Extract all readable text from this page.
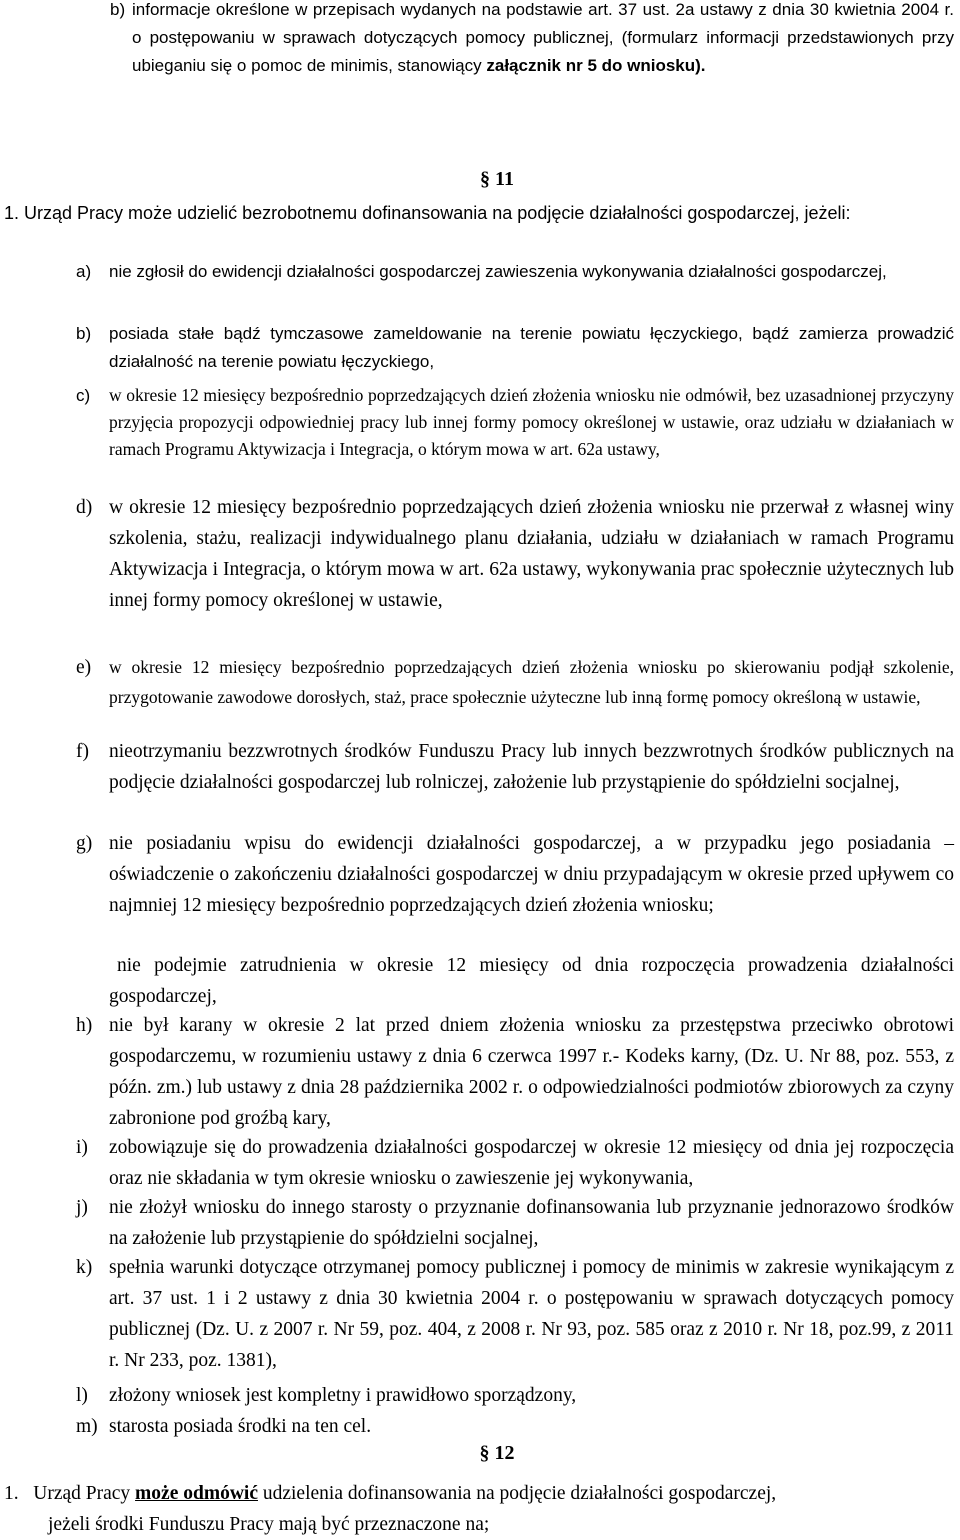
b) informacje określone w przepisach wydanych na podstawie art. 37 ust. 2a ustawy z dnia 30 kwietnia 2004 r. o postępowaniu w sprawach dotyczących pomocy publicznej, (formularz informacji przedstawionych przy ubieganiu się o pomoc de minimis, stanowiący załącznik nr 5 do wniosku).
§ 11
1. Urząd Pracy może udzielić bezrobotnemu dofinansowania na podjęcie działalności gospodarczej, jeżeli:
a) nie zgłosił do ewidencji działalności gospodarczej zawieszenia wykonywania działalności gospodarczej,
b) posiada stałe bądź tymczasowe zameldowanie na terenie powiatu łęczyckiego, bądź zamierza prowadzić działalność na terenie powiatu łęczyckiego,
c) w okresie 12 miesięcy bezpośrednio poprzedzających dzień złożenia wniosku nie odmówił, bez uzasadnionej przyczyny przyjęcia propozycji odpowiedniej pracy lub innej formy pomocy określonej w ustawie, oraz udziału w działaniach w ramach Programu Aktywizacja i Integracja, o którym mowa w art. 62a ustawy,
d) w okresie 12 miesięcy bezpośrednio poprzedzających dzień złożenia wniosku nie przerwał z własnej winy szkolenia, stażu, realizacji indywidualnego planu działania, udziału w działaniach w ramach Programu Aktywizacja i Integracja, o którym mowa w art. 62a ustawy, wykonywania prac społecznie użytecznych lub innej formy pomocy określonej w ustawie,
e) w okresie 12 miesięcy bezpośrednio poprzedzających dzień złożenia wniosku po skierowaniu podjął szkolenie, przygotowanie zawodowe dorosłych, staż, prace społecznie użyteczne lub inną formę pomocy określoną w ustawie,
f) nieotrzymaniu bezzwrotnych środków Funduszu Pracy lub innych bezzwrotnych środków publicznych na podjęcie działalności gospodarczej lub rolniczej, założenie lub przystąpienie do spółdzielni socjalnej,
g) nie posiadaniu wpisu do ewidencji działalności gospodarczej, a w przypadku jego posiadania – oświadczenie o zakończeniu działalności gospodarczej w dniu przypadającym w okresie przed upływem co najmniej 12 miesięcy bezpośrednio poprzedzających dzień złożenia wniosku;
nie podejmie zatrudnienia w okresie 12 miesięcy od dnia rozpoczęcia prowadzenia działalności gospodarczej,
h) nie był karany w okresie 2 lat przed dniem złożenia wniosku za przestępstwa przeciwko obrotowi gospodarczemu, w rozumieniu ustawy z dnia 6 czerwca 1997 r.- Kodeks karny, (Dz. U. Nr 88, poz. 553, z późn. zm.) lub ustawy z dnia 28 października 2002 r. o odpowiedzialności podmiotów zbiorowych za czyny zabronione pod groźbą kary,
i) zobowiązuje się do prowadzenia działalności gospodarczej w okresie 12 miesięcy od dnia jej rozpoczęcia oraz nie składania w tym okresie wniosku o zawieszenie jej wykonywania,
j) nie złożył wniosku do innego starosty o przyznanie dofinansowania lub przyznanie jednorazowo środków na założenie lub przystąpienie do spółdzielni socjalnej,
k) spełnia warunki dotyczące otrzymanej pomocy publicznej i pomocy de minimis w zakresie wynikającym z art. 37 ust. 1 i 2 ustawy z dnia 30 kwietnia 2004 r. o postępowaniu w sprawach dotyczących pomocy publicznej (Dz. U. z 2007 r. Nr 59, poz. 404, z 2008 r. Nr 93, poz. 585 oraz z 2010 r. Nr 18, poz.99, z 2011 r. Nr 233, poz. 1381),
l) złożony wniosek jest kompletny i prawidłowo sporządzony,
m) starosta posiada środki na ten cel.
§ 12
1. Urząd Pracy może odmówić udzielenia dofinansowania na podjęcie działalności gospodarczej,
jeżeli środki Funduszu Pracy mają być przeznaczone na;
